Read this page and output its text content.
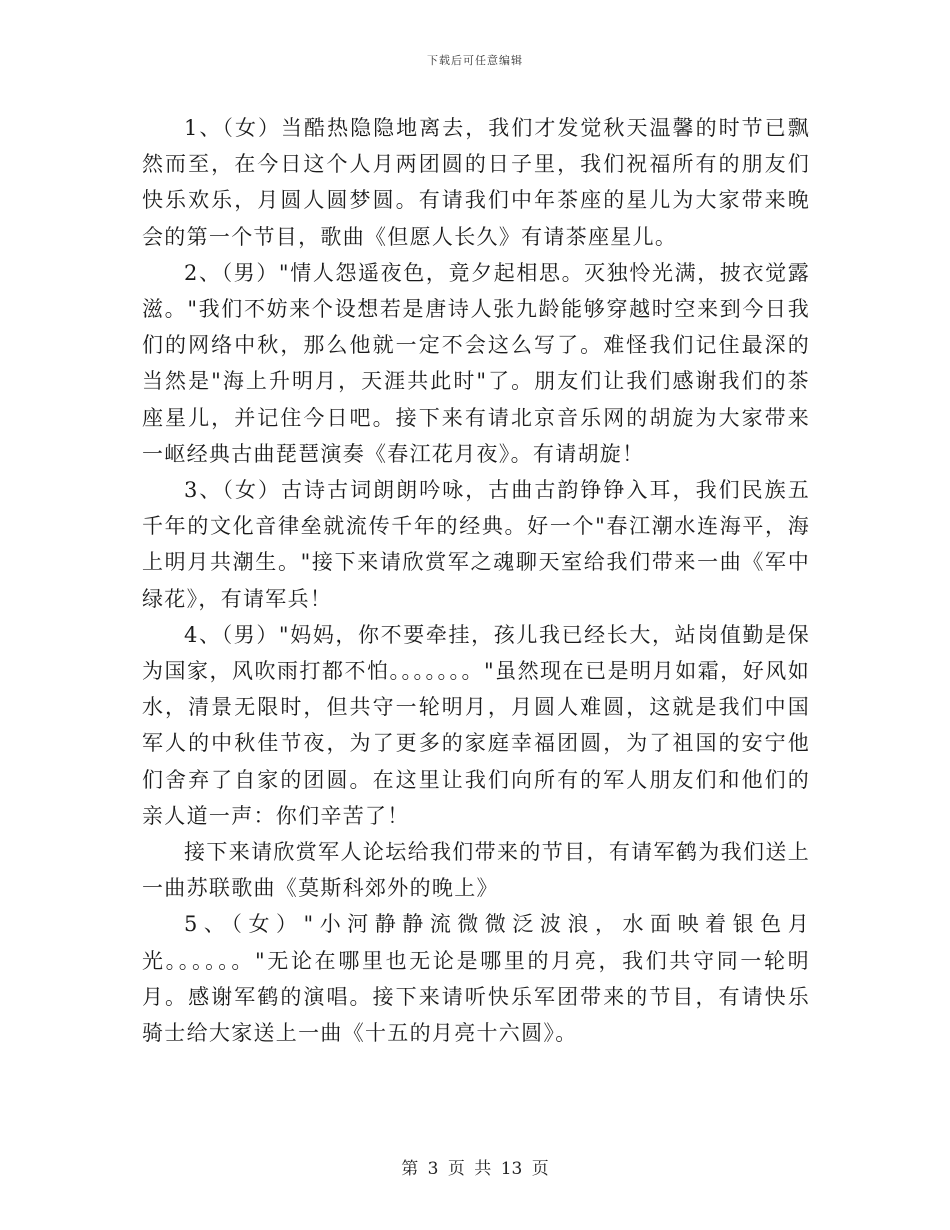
下载后可任意编辑

1、（女）当酷热隐隐地离去，我们才发觉秋天温馨的时节已飘然而至，在今日这个人月两团圆的日子里，我们祝福所有的朋友们快乐欢乐，月圆人圆梦圆。有请我们中年茶座的星儿为大家带来晚会的第一个节目，歌曲《但愿人长久》有请茶座星儿。

2、（男）"情人怨遥夜色，竟夕起相思。灭独怜光满，披衣觉露滋。"我们不妨来个设想若是唐诗人张九龄能够穿越时空来到今日我们的网络中秋，那么他就一定不会这么写了。难怪我们记住最深的当然是"海上升明月，天涯共此时"了。朋友们让我们感谢我们的茶座星儿，并记住今日吧。接下来有请北京音乐网的胡旋为大家带来一岖经典古曲琵琶演奏《春江花月夜》。有请胡旋！

3、（女）古诗古词朗朗吟咏，古曲古韵铮铮入耳，我们民族五千年的文化音律垒就流传千年的经典。好一个"春江潮水连海平，海上明月共潮生。"接下来请欣赏军之魂聊天室给我们带来一曲《军中绿花》，有请军兵！

4、（男）"妈妈，你不要牵挂，孩儿我已经长大，站岗值勤是保为国家，风吹雨打都不怕。。。。。。。"虽然现在已是明月如霜，好风如水，清景无限时，但共守一轮明月，月圆人难圆，这就是我们中国军人的中秋佳节夜，为了更多的家庭幸福团圆，为了祖国的安宁他们舍弃了自家的团圆。在这里让我们向所有的军人朋友们和他们的亲人道一声：你们辛苦了！

接下来请欣赏军人论坛给我们带来的节目，有请军鹤为我们送上一曲苏联歌曲《莫斯科郊外的晚上》

5、（女）"小河静静流微微泛波浪，水面映着银色月光。。。。。。"无论在哪里也无论是哪里的月亮，我们共守同一轮明月。感谢军鹤的演唱。接下来请听快乐军团带来的节目，有请快乐骑士给大家送上一曲《十五的月亮十六圆》。

第 3 页 共 13 页
